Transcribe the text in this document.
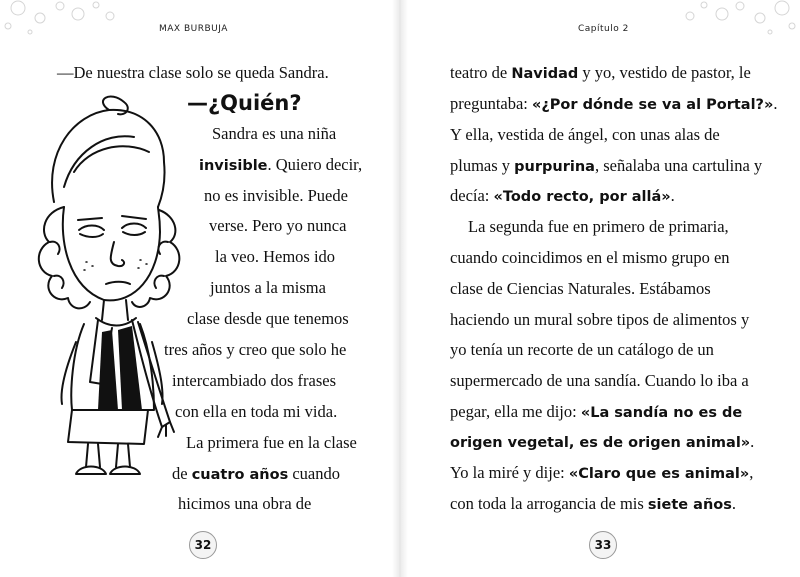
MAX BURBUJA	Capítulo 2
—De nuestra clase solo se queda Sandra.
—¿Quién?
Sandra es una niña
invisible. Quiero decir,
no es invisible. Puede
verse. Pero yo nunca
la veo. Hemos ido
juntos a la misma
clase desde que tenemos
tres años y creo que solo he
intercambiado dos frases
con ella en toda mi vida.
La primera fue en la clase
de cuatro años cuando
hicimos una obra de
teatro de Navidad y yo, vestido de pastor, le
preguntaba: «¿Por dónde se va al Portal?».
Y ella, vestida de ángel, con unas alas de
plumas y purpurina, señalaba una cartulina y
decía: «Todo recto, por allá».
La segunda fue en primero de primaria,
cuando coincidimos en el mismo grupo en
clase de Ciencias Naturales. Estábamos
haciendo un mural sobre tipos de alimentos y
yo tenía un recorte de un catálogo de un
supermercado de una sandía. Cuando lo iba a
pegar, ella me dijo: «La sandía no es de
origen vegetal, es de origen animal».
Yo la miré y dije: «Claro que es animal»,
con toda la arrogancia de mis siete años.
32	33
